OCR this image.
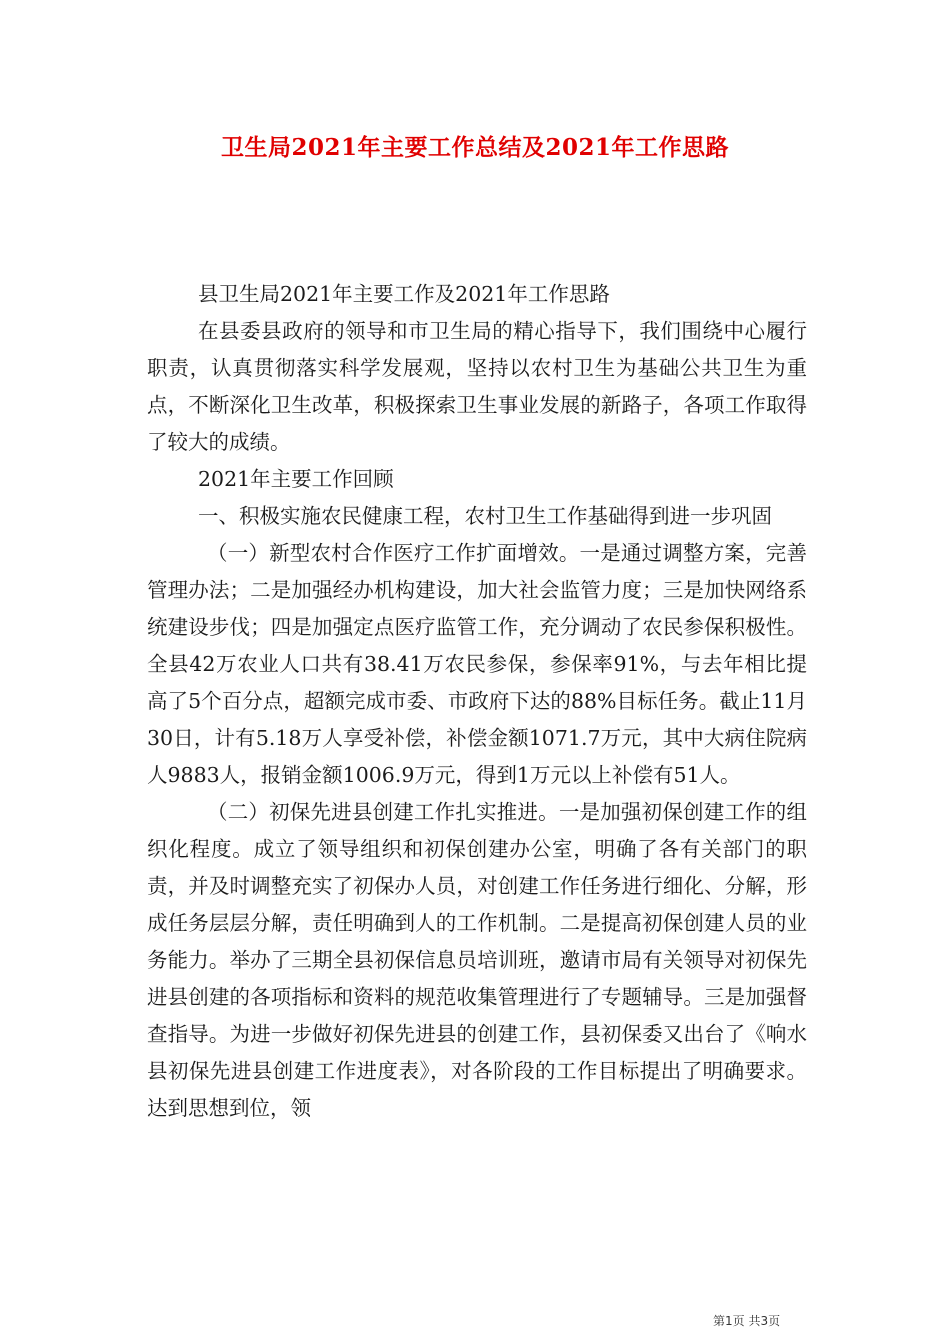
卫生局2021年主要工作总结及2021年工作思路

县卫生局2021年主要工作及2021年工作思路

在县委县政府的领导和市卫生局的精心指导下，我们围绕中心履行职责，认真贯彻落实科学发展观，坚持以农村卫生为基础公共卫生为重点，不断深化卫生改革，积极探索卫生事业发展的新路子，各项工作取得了较大的成绩。

2021年主要工作回顾

一、积极实施农民健康工程，农村卫生工作基础得到进一步巩固

（一）新型农村合作医疗工作扩面增效。一是通过调整方案，完善管理办法；二是加强经办机构建设，加大社会监管力度；三是加快网络系统建设步伐；四是加强定点医疗监管工作，充分调动了农民参保积极性。全县42万农业人口共有38.41万农民参保，参保率91%，与去年相比提高了5个百分点，超额完成市委、市政府下达的88%目标任务。截止11月30日，计有5.18万人享受补偿，补偿金额1071.7万元，其中大病住院病人9883人，报销金额1006.9万元，得到1万元以上补偿有51人。

（二）初保先进县创建工作扎实推进。一是加强初保创建工作的组织化程度。成立了领导组织和初保创建办公室，明确了各有关部门的职责，并及时调整充实了初保办人员，对创建工作任务进行细化、分解，形成任务层层分解，责任明确到人的工作机制。二是提高初保创建人员的业务能力。举办了三期全县初保信息员培训班，邀请市局有关领导对初保先进县创建的各项指标和资料的规范收集管理进行了专题辅导。三是加强督查指导。为进一步做好初保先进县的创建工作，县初保委又出台了《响水县初保先进县创建工作进度表》，对各阶段的工作目标提出了明确要求。达到思想到位，领

第1页 共3页
